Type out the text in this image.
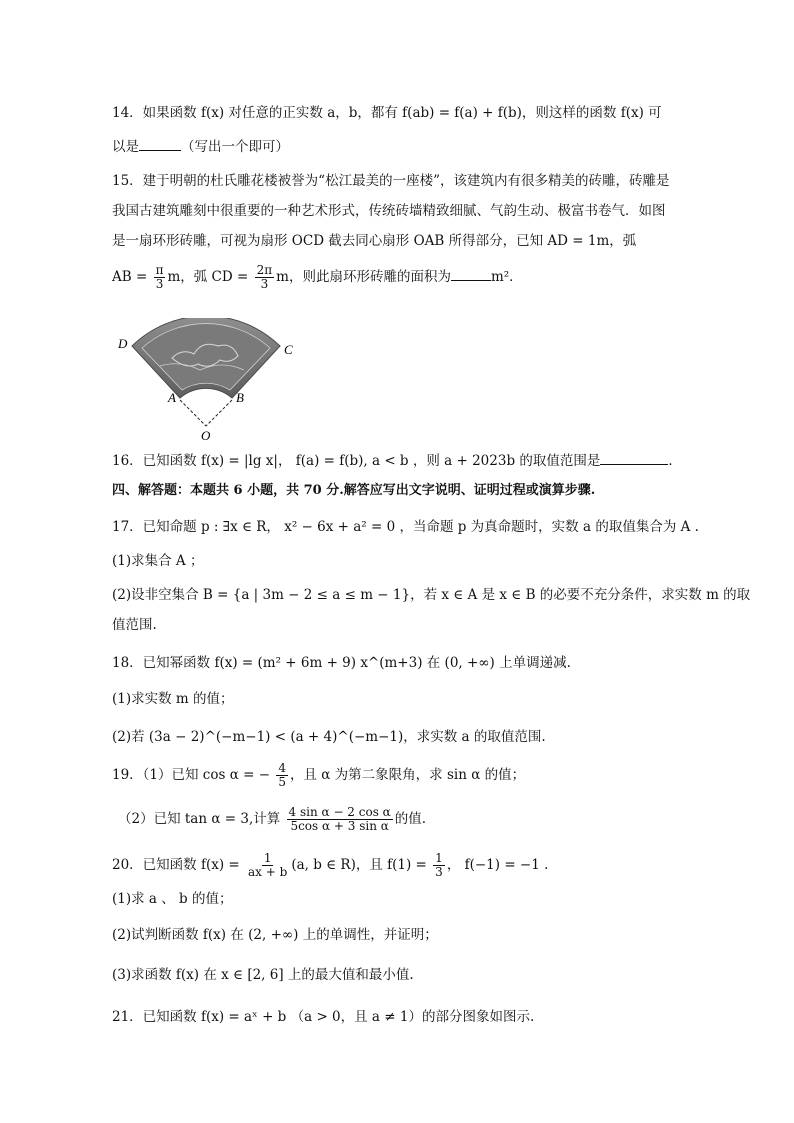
14．如果函数 f(x) 对任意的正实数 a，b，都有 f(ab) = f(a) + f(b)，则这样的函数 f(x) 可
以是	（写出一个即可）
15．建于明朝的杜氏雕花楼被誉为“松江最美的一座楼”，该建筑内有很多精美的砖雕，砖雕是
我国古建筑雕刻中很重要的一种艺术形式，传统砖墙精致细腻、气韵生动、极富书卷气．如图
是一扇环形砖雕，可视为扇形 OCD 截去同心扇形 OAB 所得部分，已知 AD = 1m，弧
AB = $\frac{\pi}{3}$ m，弧 CD = $\frac{2\pi}{3}$ m，则此扇环形砖雕的面积为	m²．
D	C
A	B
O
16．已知函数 f(x) = |lg x|， f(a) = f(b), a < b ，则 a + 2023b 的取值范围是	．
四、解答题：本题共 6 小题，共 70 分.解答应写出文字说明、证明过程或演算步骤.
17．已知命题 p : ∃x ∈ R， x² − 6x + a² = 0 ，当命题 p 为真命题时，实数 a 的取值集合为 A .
(1)求集合 A ；
(2)设非空集合 B = {a | 3m − 2 ≤ a ≤ m − 1}，若 x ∈ A 是 x ∈ B 的必要不充分条件，求实数 m 的取
值范围.
18．已知幂函数 f(x) = (m² + 6m + 9) x^(m+3) 在 (0, +∞) 上单调递减.
(1)求实数 m 的值；
(2)若 (3a − 2)^(−m−1) < (a + 4)^(−m−1)，求实数 a 的取值范围.
19．（1）已知 cos α = − $\frac{4}{5}$ ，且 α 为第二象限角，求 sin α 的值；
（2）已知 tan α = 3,计算 $\frac{\text{4 sin α − 2 cos α}}{\text{5cos α + 3 sin α}}$ 的值.
20．已知函数 $f(x) = \frac{1}{ax + b} (a$, b ∈ R)，且 $f(1) = \frac{1}{3}$ ， f(−1) = −1 .
(1)求 a 、 b 的值；
(2)试判断函数 f(x) 在 (2, +∞) 上的单调性，并证明；
(3)求函数 f(x) 在 x ∈ [2, 6] 上的最大值和最小值.
21．已知函数 f(x) = aˣ + b （a > 0，且 a ≠ 1）的部分图象如图示.
